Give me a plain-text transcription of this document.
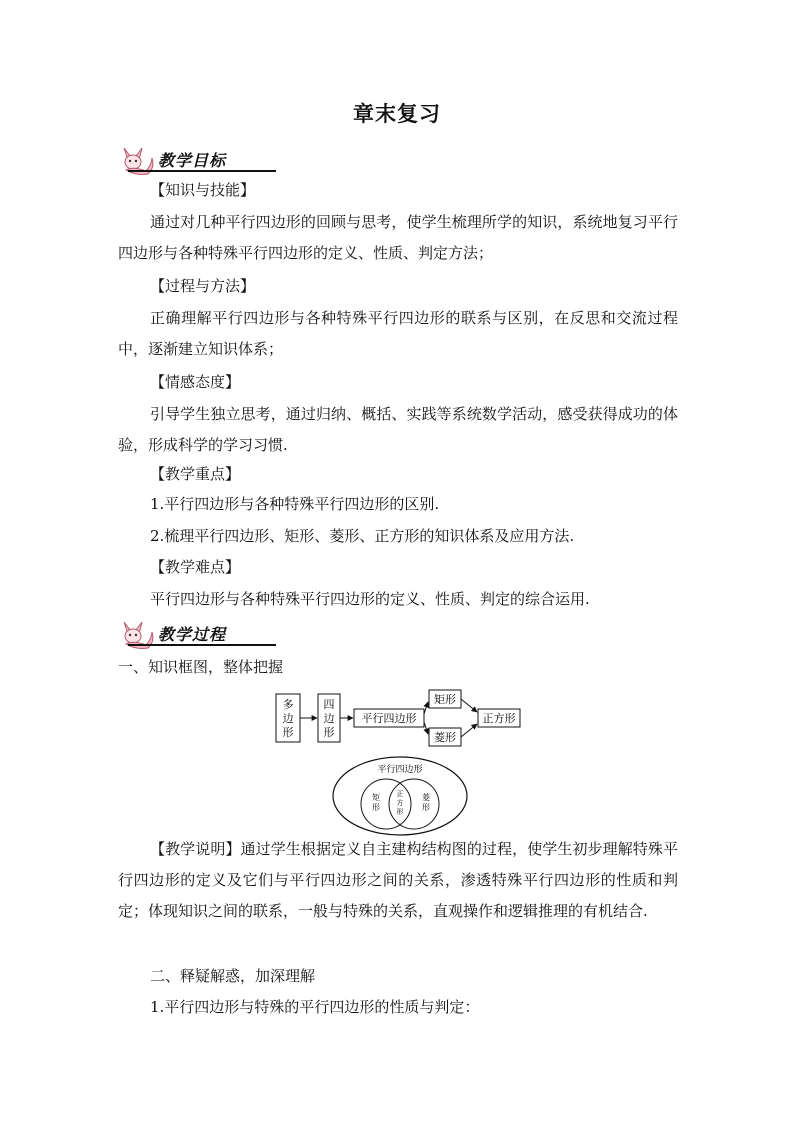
章末复习
教学目标
【知识与技能】
通过对几种平行四边形的回顾与思考，使学生梳理所学的知识，系统地复习平行四边形与各种特殊平行四边形的定义、性质、判定方法；
【过程与方法】
正确理解平行四边形与各种特殊平行四边形的联系与区别，在反思和交流过程中，逐渐建立知识体系；
【情感态度】
引导学生独立思考，通过归纳、概括、实践等系统数学活动，感受获得成功的体验，形成科学的学习习惯.
【教学重点】
1.平行四边形与各种特殊平行四边形的区别.
2.梳理平行四边形、矩形、菱形、正方形的知识体系及应用方法.
【教学难点】
平行四边形与各种特殊平行四边形的定义、性质、判定的综合运用.
教学过程
一、知识框图，整体把握
多
边
形
四
边
形
平行四边形
矩形
菱形
正方形
平行四边形
矩
形
菱
形
正
方
形
【教学说明】通过学生根据定义自主建构结构图的过程，使学生初步理解特殊平行四边形的定义及它们与平行四边形之间的关系，渗透特殊平行四边形的性质和判定；体现知识之间的联系，一般与特殊的关系，直观操作和逻辑推理的有机结合.
二、释疑解惑，加深理解
1.平行四边形与特殊的平行四边形的性质与判定：
